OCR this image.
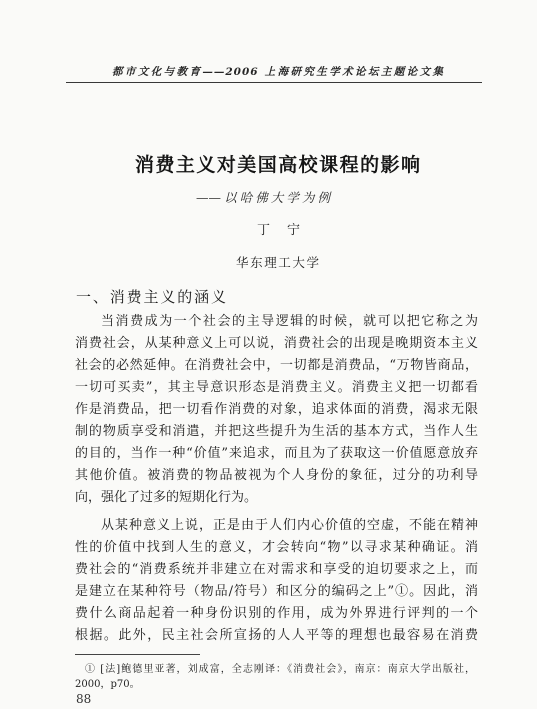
都市文化与教育——2006 上海研究生学术论坛主题论文集
消费主义对美国高校课程的影响
——以哈佛大学为例
丁 宁
华东理工大学
一、消费主义的涵义
当消费成为一个社会的主导逻辑的时候，就可以把它称之为
消费社会，从某种意义上可以说，消费社会的出现是晚期资本主义
社会的必然延伸。在消费社会中，一切都是消费品，“万物皆商品，
一切可买卖”，其主导意识形态是消费主义。消费主义把一切都看
作是消费品，把一切看作消费的对象，追求体面的消费，渴求无限
制的物质享受和消遣，并把这些提升为生活的基本方式，当作人生
的目的，当作一种“价值”来追求，而且为了获取这一价值愿意放弃
其他价值。被消费的物品被视为个人身份的象征，过分的功利导
向，强化了过多的短期化行为。
从某种意义上说，正是由于人们内心价值的空虚，不能在精神
性的价值中找到人生的意义，才会转向“物”以寻求某种确证。消
费社会的“消费系统并非建立在对需求和享受的迫切要求之上，而
是建立在某种符号（物品/符号）和区分的编码之上”①。因此，消
费什么商品起着一种身份识别的作用，成为外界进行评判的一个
根据。此外，民主社会所宣扬的人人平等的理想也最容易在消费
① [法]鲍德里亚著，刘成富，全志刚译：《消费社会》，南京：南京大学出版社，
2000，p70。
88
